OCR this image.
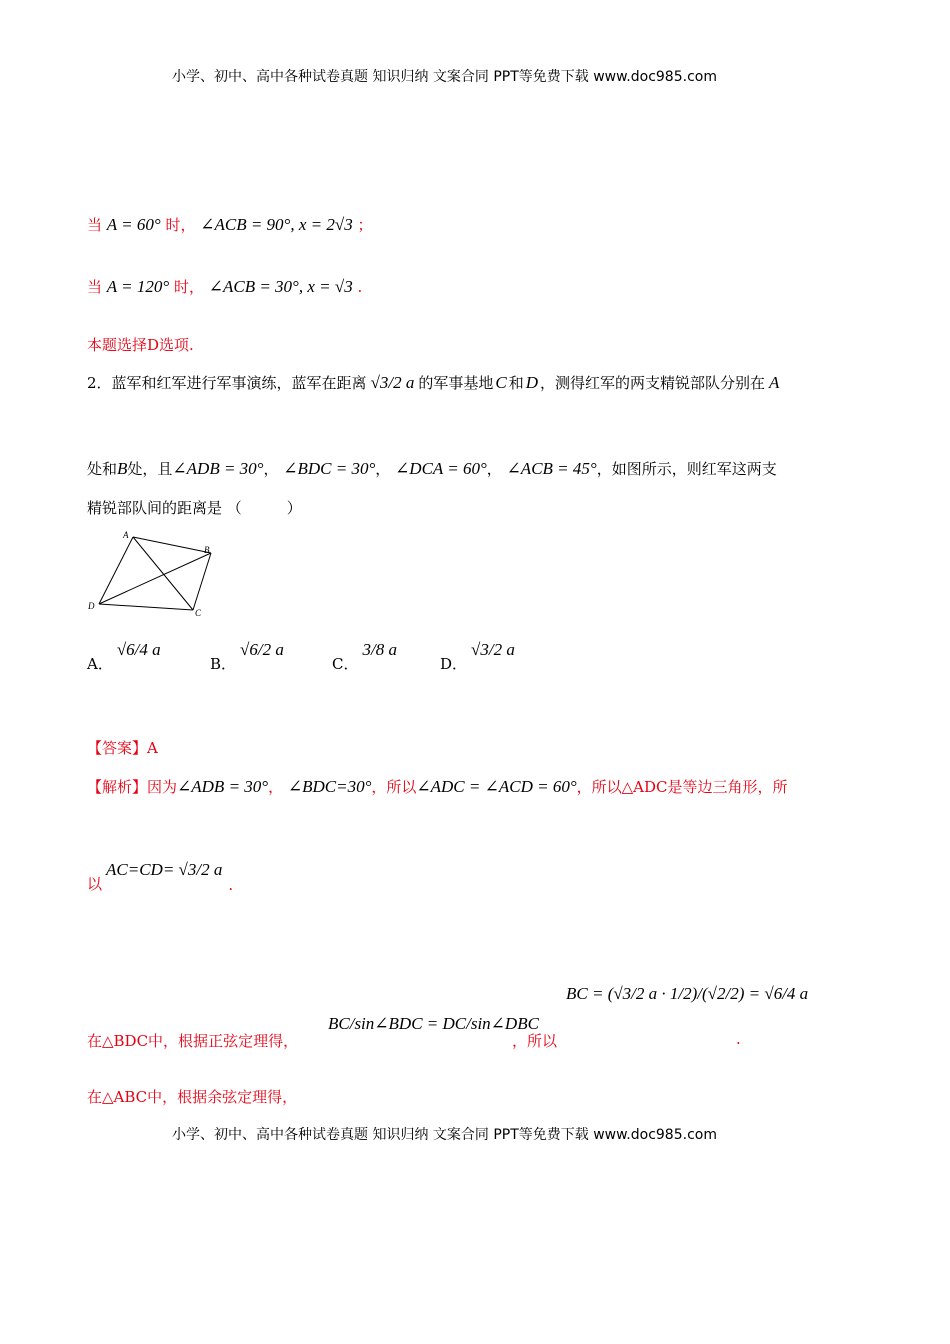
小学、初中、高中各种试卷真题 知识归纳 文案合同 PPT等免费下载 www.doc985.com
小学、初中、高中各种试卷真题 知识归纳 文案合同 PPT等免费下载 www.doc985.com
当 A = 60° 时， ∠ACB = 90°, x = 2√3 ；
当 A = 120° 时， ∠ACB = 30°, x = √3 .
本题选择D选项.
2． 蓝军和红军进行军事演练，蓝军在距离 √3/2 a 的军事基地 C 和 D ，测得红军的两支精锐部队分别在 A
处和B处，且∠ADB = 30°， ∠BDC = 30°， ∠DCA = 60°， ∠ACB = 45°，如图所示，则红军这两支
精锐部队间的距离是 （　　　）
A
B
C
D
A．
√6/4 a
B．
√6/2 a
C．
3/8 a
D．
√3/2 a
【答案】A
【解析】因为∠ADB = 30°， ∠BDC=30°，所以∠ADC = ∠ACD = 60°，所以△ADC是等边三角形，所
以
AC=CD= √3/2 a
.
在△BDC中，根据正弦定理得，
BC/sin∠BDC = DC/sin∠DBC
，所以
BC = (√3/2 a · 1/2)/(√2/2) = √6/4 a
.
在△ABC中，根据余弦定理得，
